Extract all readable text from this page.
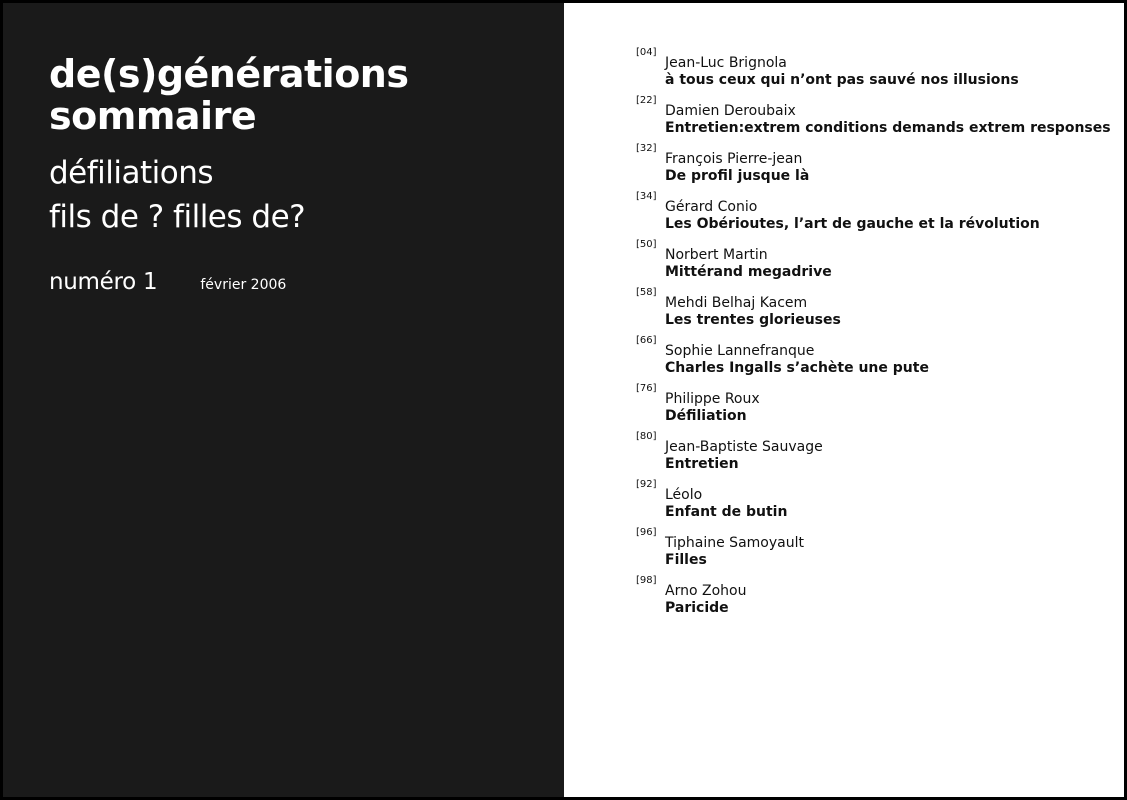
de(s)générations
sommaire
défiliations
fils de ? filles de?
numéro 1	février 2006
[04]
Jean-Luc Brignola
à tous ceux qui n’ont pas sauvé nos illusions
[22]
Damien Deroubaix
Entretien:extrem conditions demands extrem responses
[32]
François Pierre-jean
De profil jusque là
[34]
Gérard Conio
Les Obérioutes, l’art de gauche et la révolution
[50]
Norbert Martin
Mittérand megadrive
[58]
Mehdi Belhaj Kacem
Les trentes glorieuses
[66]
Sophie Lannefranque
Charles Ingalls s’achète une pute
[76]
Philippe Roux
Défiliation
[80]
Jean-Baptiste Sauvage
Entretien
[92]
Léolo
Enfant de butin
[96]
Tiphaine Samoyault
Filles
[98]
Arno Zohou
Paricide
